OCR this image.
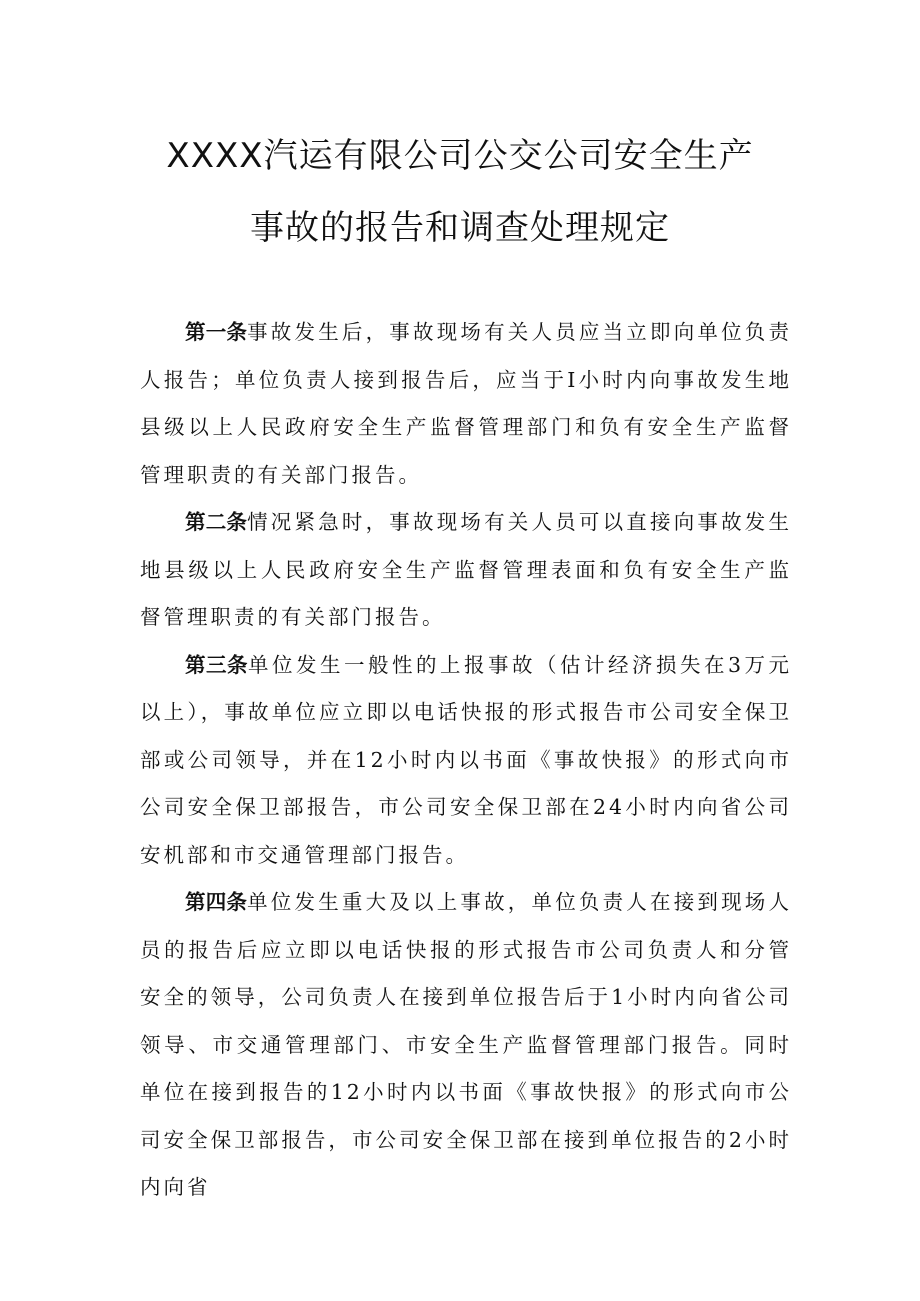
XXXX汽运有限公司公交公司安全生产
事故的报告和调查处理规定

第一条事故发生后，事故现场有关人员应当立即向单位负责人报告；单位负责人接到报告后，应当于I小时内向事故发生地县级以上人民政府安全生产监督管理部门和负有安全生产监督管理职责的有关部门报告。

第二条情况紧急时，事故现场有关人员可以直接向事故发生地县级以上人民政府安全生产监督管理表面和负有安全生产监督管理职责的有关部门报告。

第三条单位发生一般性的上报事故（估计经济损失在3万元以上），事故单位应立即以电话快报的形式报告市公司安全保卫部或公司领导，并在12小时内以书面《事故快报》的形式向市公司安全保卫部报告，市公司安全保卫部在24小时内向省公司安机部和市交通管理部门报告。

第四条单位发生重大及以上事故，单位负责人在接到现场人员的报告后应立即以电话快报的形式报告市公司负责人和分管安全的领导，公司负责人在接到单位报告后于1小时内向省公司领导、市交通管理部门、市安全生产监督管理部门报告。同时单位在接到报告的12小时内以书面《事故快报》的形式向市公司安全保卫部报告，市公司安全保卫部在接到单位报告的2小时内向省
